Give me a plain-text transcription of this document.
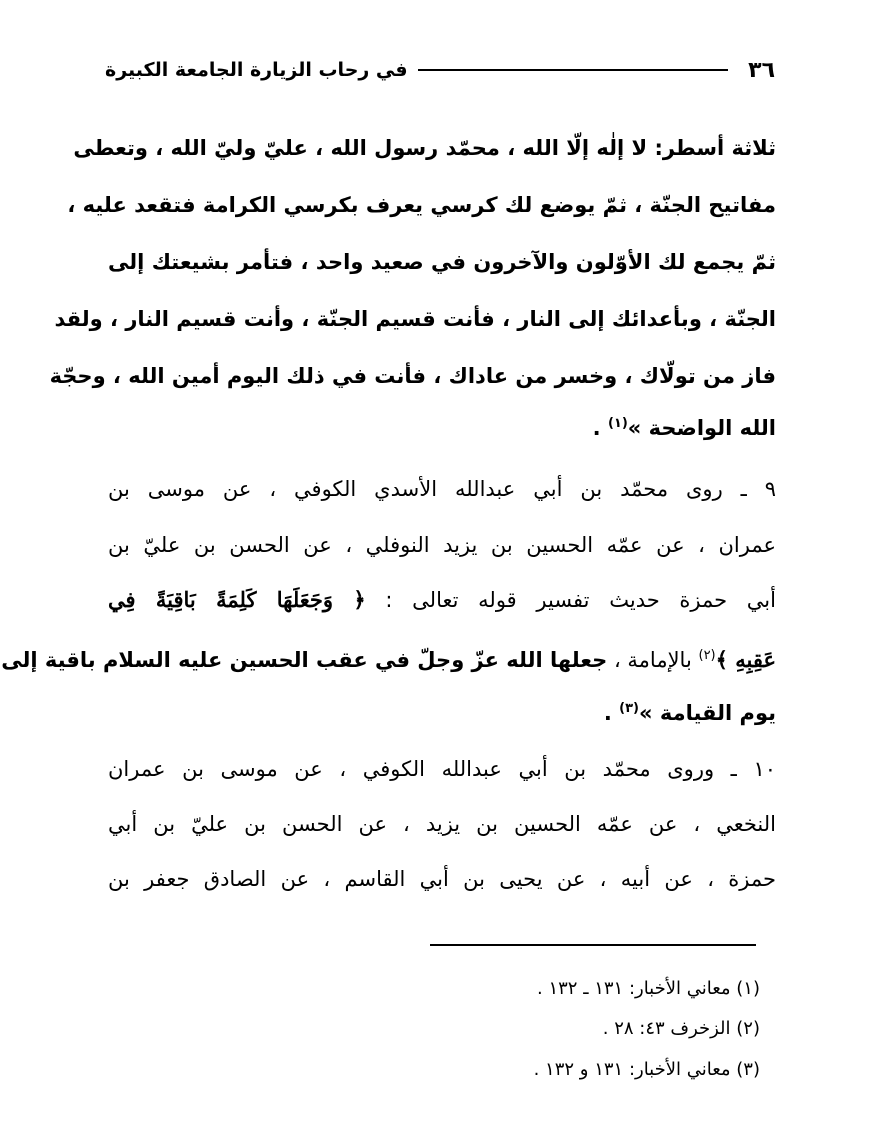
٣٦
في رحاب الزيارة الجامعة الكبيرة
ثلاثة أسطر: لا إلٰه إلّا الله ، محمّد رسول الله ، عليّ وليّ الله ، وتعطى
مفاتيح الجنّة ، ثمّ يوضع لك كرسي يعرف بكرسي الكرامة فتقعد عليه ،
ثمّ يجمع لك الأوّلون والآخرون في صعيد واحد ، فتأمر بشيعتك إلى
الجنّة ، وبأعدائك إلى النار ، فأنت قسيم الجنّة ، وأنت قسيم النار ، ولقد
فاز من تولّاك ، وخسر من عاداك ، فأنت في ذلك اليوم أمين الله ، وحجّة
الله الواضحة »$^{(١)}$ .
٩ ـ روى محمّد بن أبي عبدالله الأسدي الكوفي ، عن موسى بن
عمران ، عن عمّه الحسين بن يزيد النوفلي ، عن الحسن بن عليّ بن
أبي حمزة حديث تفسير قوله تعالى : ﴿ وَجَعَلَهَا كَلِمَةً بَاقِيَةً فِي
عَقِبِهِ ﴾$^{(٢)}$ بالإمامة ، جعلها الله عزّ وجلّ في عقب الحسين عليه السلام باقية إلى
يوم القيامة »$^{(٣)}$ .
١٠ ـ وروى محمّد بن أبي عبدالله الكوفي ، عن موسى بن عمران
النخعي ، عن عمّه الحسين بن يزيد ، عن الحسن بن عليّ بن أبي
حمزة ، عن أبيه ، عن يحيى بن أبي القاسم ، عن الصادق جعفر بن
(١) معاني الأخبار: ١٣١ ـ ١٣٢ .
(٢) الزخرف ٤٣: ٢٨ .
(٣) معاني الأخبار: ١٣١ و ١٣٢ .
